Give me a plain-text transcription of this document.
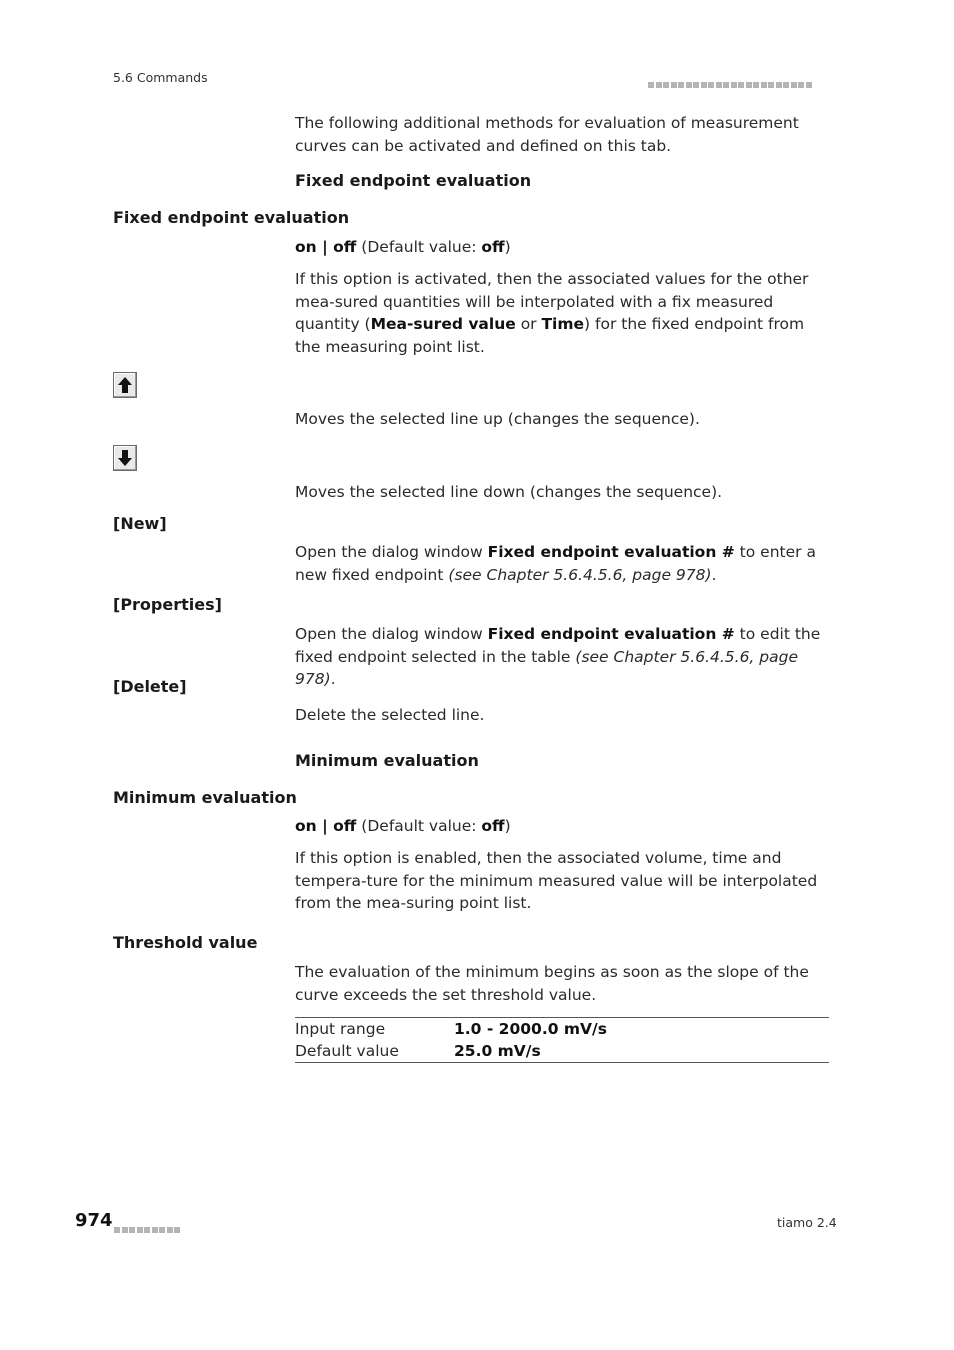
5.6 Commands
The following additional methods for evaluation of measurement curves can be activated and defined on this tab.
Fixed endpoint evaluation
Fixed endpoint evaluation
on | off (Default value: off)
If this option is activated, then the associated values for the other mea-sured quantities will be interpolated with a fix measured quantity (Mea-sured value or Time) for the fixed endpoint from the measuring point list.
Moves the selected line up (changes the sequence).
Moves the selected line down (changes the sequence).
[New]
Open the dialog window Fixed endpoint evaluation # to enter a new fixed endpoint (see Chapter 5.6.4.5.6, page 978).
[Properties]
Open the dialog window Fixed endpoint evaluation # to edit the fixed endpoint selected in the table (see Chapter 5.6.4.5.6, page 978).
[Delete]
Delete the selected line.
Minimum evaluation
Minimum evaluation
on | off (Default value: off)
If this option is enabled, then the associated volume, time and tempera-ture for the minimum measured value will be interpolated from the mea-suring point list.
Threshold value
The evaluation of the minimum begins as soon as the slope of the curve exceeds the set threshold value.
Input range	1.0 - 2000.0 mV/s
Default value	25.0 mV/s
974	tiamo 2.4
